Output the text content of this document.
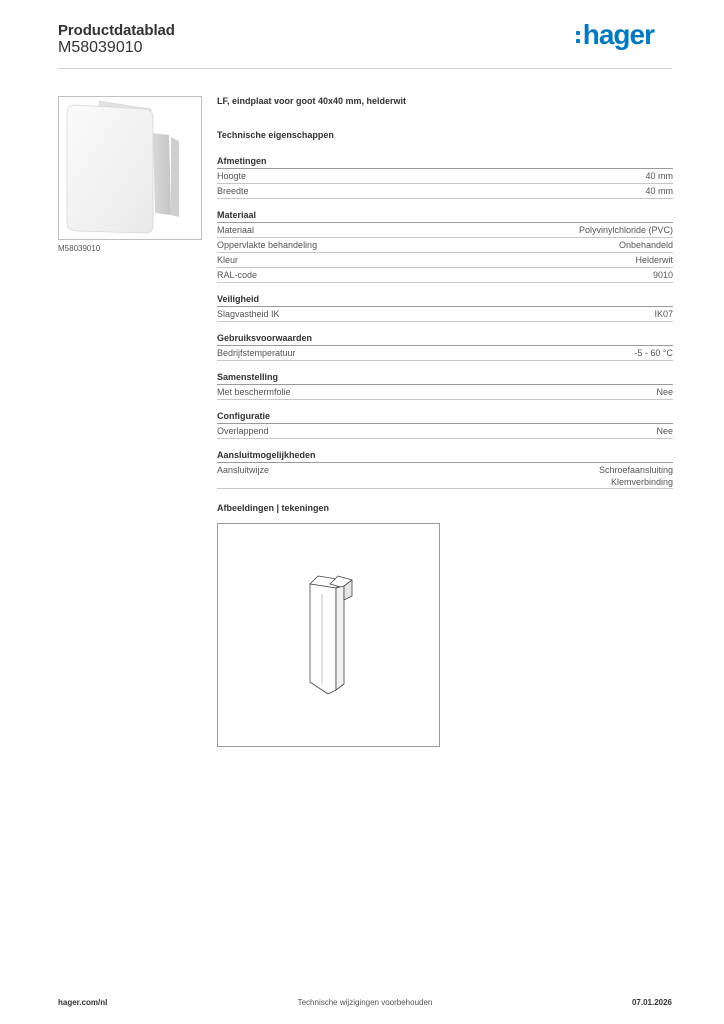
Productdatablad
M58039010	hager
M58039010

LF, eindplaat voor goot 40x40 mm, helderwit

Technische eigenschappen
Afmetingen
Hoogte	40 mm
Breedte	40 mm
Materiaal
Materiaal	Polyvinylchloride (PVC)
Oppervlakte behandeling	Onbehandeld
Kleur	Helderwit
RAL-code	9010
Veiligheid
Slagvastheid IK	IK07
Gebruiksvoorwaarden
Bedrijfstemperatuur	-5 - 60 °C
Samenstelling
Met beschermfolie	Nee
Configuratie
Overlappend	Nee
Aansluitmogelijkheden
Aansluitwijze	Schroefaansluiting
Klemverbinding
Afbeeldingen | tekeningen
Technische wijzigingen voorbehouden
hager.com/nl	07.01.2026
